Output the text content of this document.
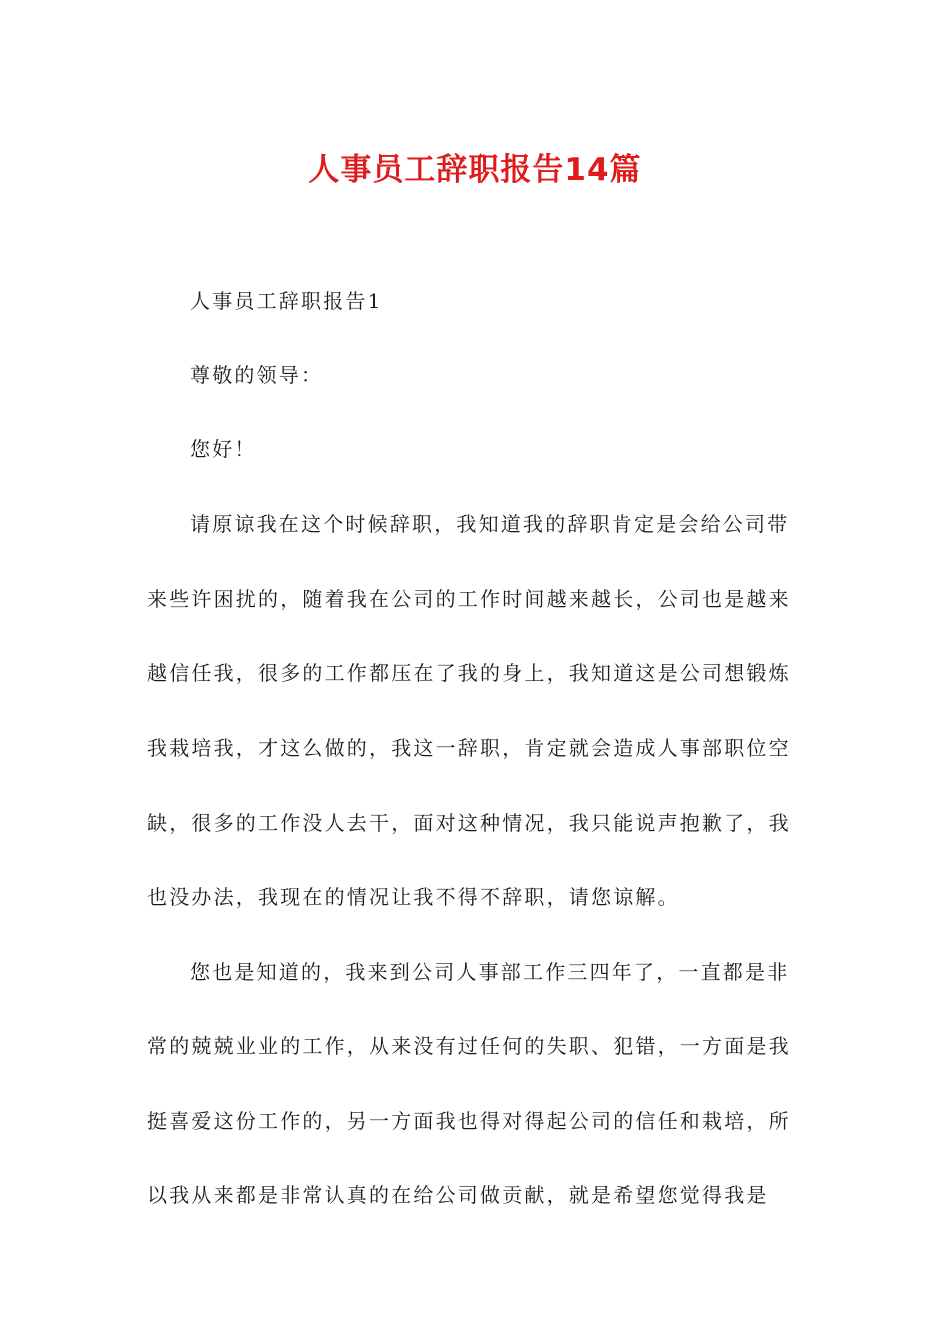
人事员工辞职报告14篇

人事员工辞职报告1

尊敬的领导：

您好！

请原谅我在这个时候辞职，我知道我的辞职肯定是会给公司带

来些许困扰的，随着我在公司的工作时间越来越长，公司也是越来

越信任我，很多的工作都压在了我的身上，我知道这是公司想锻炼

我栽培我，才这么做的，我这一辞职，肯定就会造成人事部职位空

缺，很多的工作没人去干，面对这种情况，我只能说声抱歉了，我

也没办法，我现在的情况让我不得不辞职，请您谅解。

您也是知道的，我来到公司人事部工作三四年了，一直都是非

常的兢兢业业的工作，从来没有过任何的失职、犯错，一方面是我

挺喜爱这份工作的，另一方面我也得对得起公司的信任和栽培，所

以我从来都是非常认真的在给公司做贡献，就是希望您觉得我是
